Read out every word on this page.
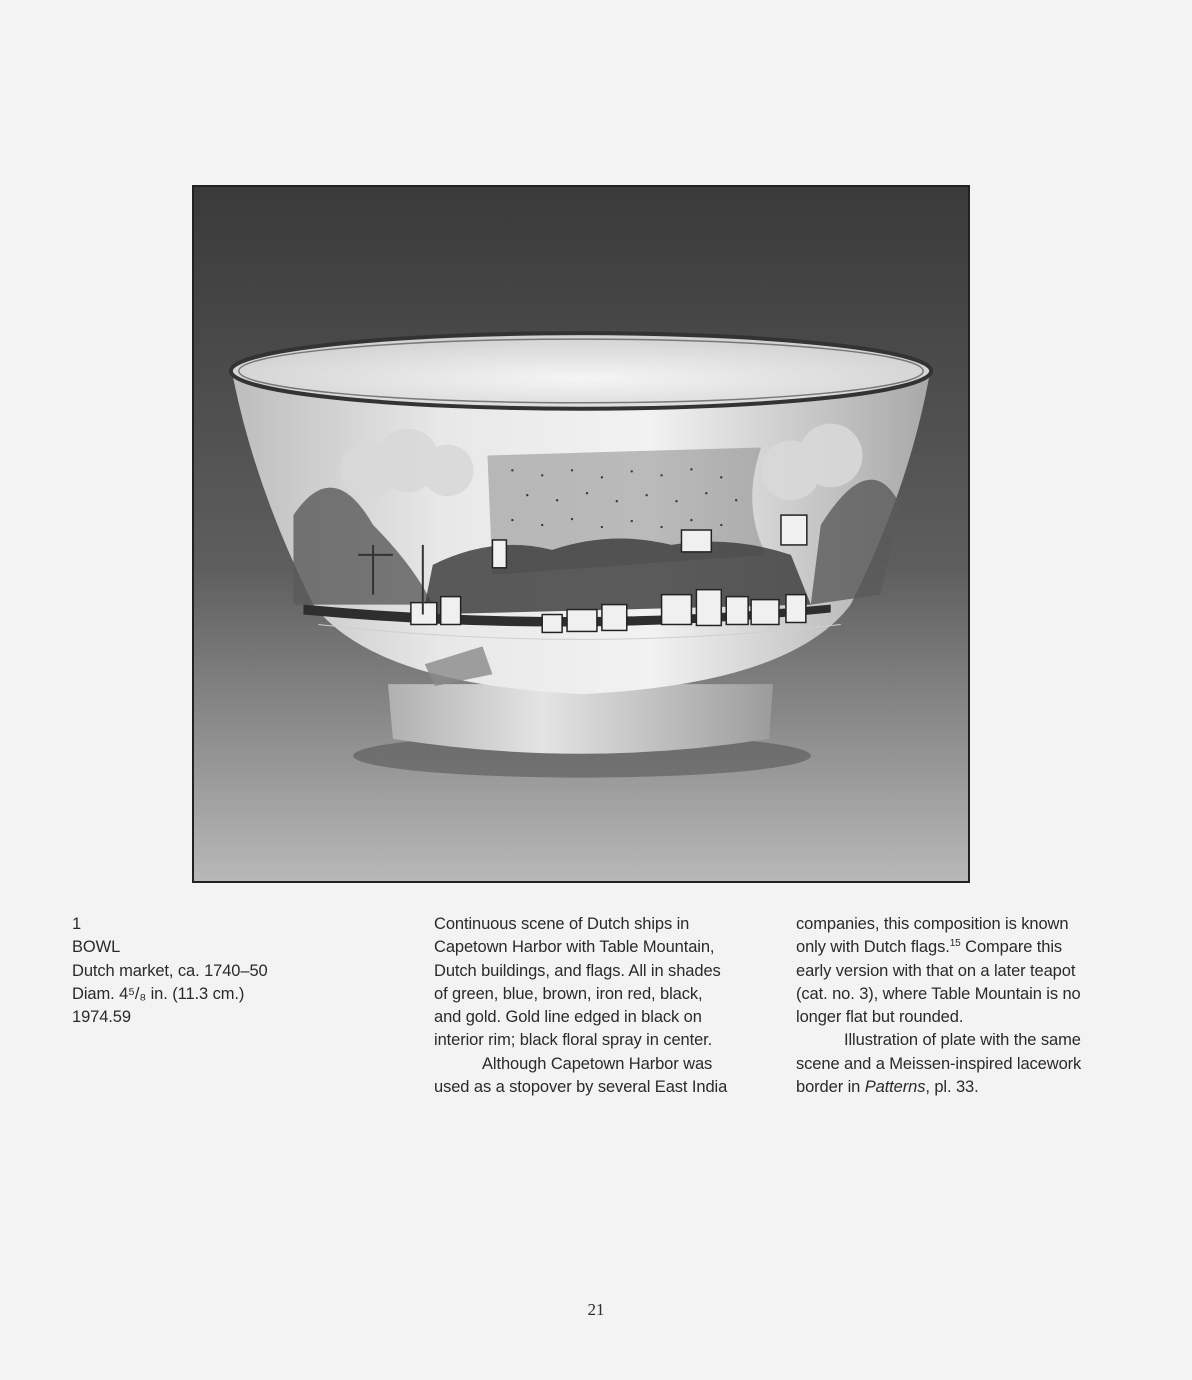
1
BOWL
Dutch market, ca. 1740–50
Diam. 4⁵/₈ in. (11.3 cm.)
1974.59
Continuous scene of Dutch ships in
Capetown Harbor with Table Mountain,
Dutch buildings, and flags. All in shades
of green, blue, brown, iron red, black,
and gold. Gold line edged in black on
interior rim; black floral spray in center.
Although Capetown Harbor was
used as a stopover by several East India
companies, this composition is known
only with Dutch flags.$^{15}$ Compare this
early version with that on a later teapot
(cat. no. 3), where Table Mountain is no
longer flat but rounded.
Illustration of plate with the same
scene and a Meissen-inspired lacework
border in Patterns, pl. 33.
21
